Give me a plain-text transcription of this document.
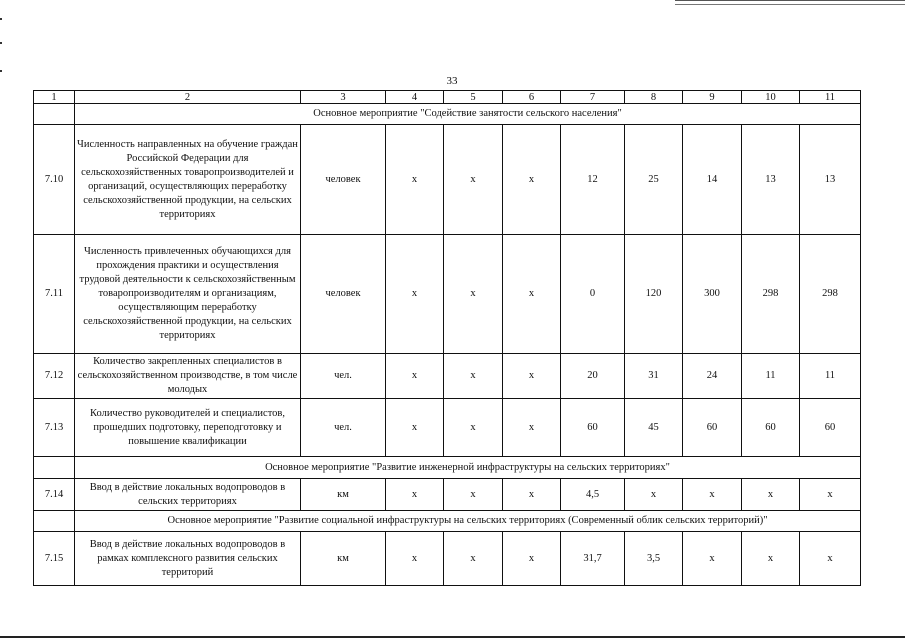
33
1	2	3	4	5	6	7	8	9	10	11
	Основное мероприятие "Содействие занятости сельского населения"									
7.10	Численность направленных на обучение граждан Российской Федерации для сельскохозяйственных товаропроизводителей и организаций, осуществляющих переработку сельскохозяйственной продукции, на сельских территориях	человек	х	х	х	12	25	14	13	13
7.11	Численность привлеченных обучающихся для прохождения практики и осуществления трудовой деятельности к сельскохозяйственным товаропроизводителям и организациям, осуществляющим переработку сельскохозяйственной продукции, на сельских территориях	человек	х	х	х	0	120	300	298	298
7.12	Количество закрепленных специалистов в сельскохозяйственном производстве, в том числе молодых	чел.	х	х	х	20	31	24	11	11
7.13	Количество руководителей и специалистов, прошедших подготовку, переподготовку и повышение квалификации	чел.	х	х	х	60	45	60	60	60
	Основное мероприятие "Развитие инженерной инфраструктуры на сельских территориях"									
7.14	Ввод в действие локальных водопроводов в сельских территориях	км	х	х	х	4,5	х	х	х	х
	Основное мероприятие "Развитие социальной инфраструктуры на сельских территориях (Современный облик сельских территорий)"									
7.15	Ввод в действие локальных водопроводов в рамках комплексного развития сельских территорий	км	х	х	х	31,7	3,5	х	х	х
